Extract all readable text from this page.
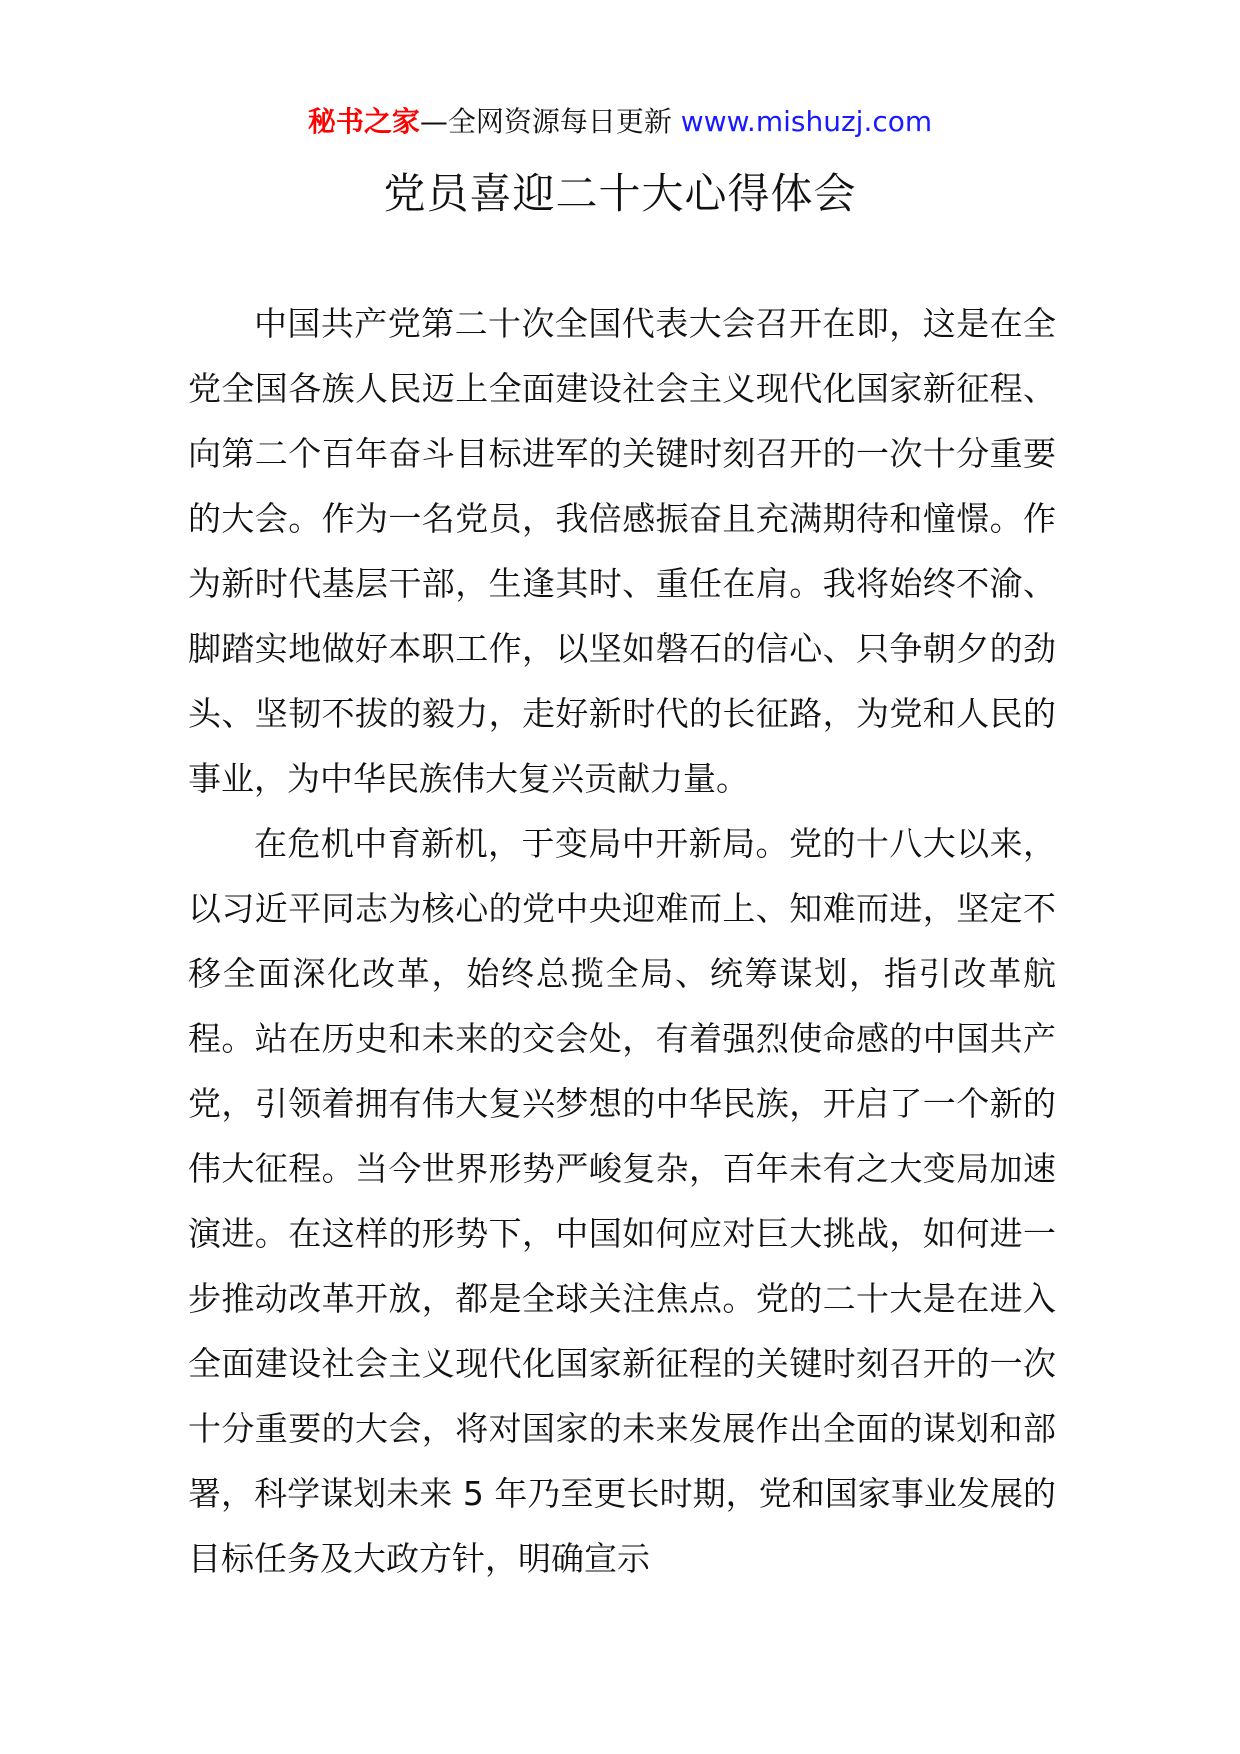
秘书之家—全网资源每日更新 www.mishuzj.com
党员喜迎二十大心得体会

中国共产党第二十次全国代表大会召开在即，这是在全党全国各族人民迈上全面建设社会主义现代化国家新征程、向第二个百年奋斗目标进军的关键时刻召开的一次十分重要的大会。作为一名党员，我倍感振奋且充满期待和憧憬。作为新时代基层干部，生逢其时、重任在肩。我将始终不渝、脚踏实地做好本职工作，以坚如磐石的信心、只争朝夕的劲头、坚韧不拔的毅力，走好新时代的长征路，为党和人民的事业，为中华民族伟大复兴贡献力量。

在危机中育新机，于变局中开新局。党的十八大以来，以习近平同志为核心的党中央迎难而上、知难而进，坚定不移全面深化改革，始终总揽全局、统筹谋划，指引改革航程。站在历史和未来的交会处，有着强烈使命感的中国共产党，引领着拥有伟大复兴梦想的中华民族，开启了一个新的伟大征程。当今世界形势严峻复杂，百年未有之大变局加速演进。在这样的形势下，中国如何应对巨大挑战，如何进一步推动改革开放，都是全球关注焦点。党的二十大是在进入全面建设社会主义现代化国家新征程的关键时刻召开的一次十分重要的大会，将对国家的未来发展作出全面的谋划和部署，科学谋划未来 5 年乃至更长时期，党和国家事业发展的目标任务及大政方针，明确宣示
